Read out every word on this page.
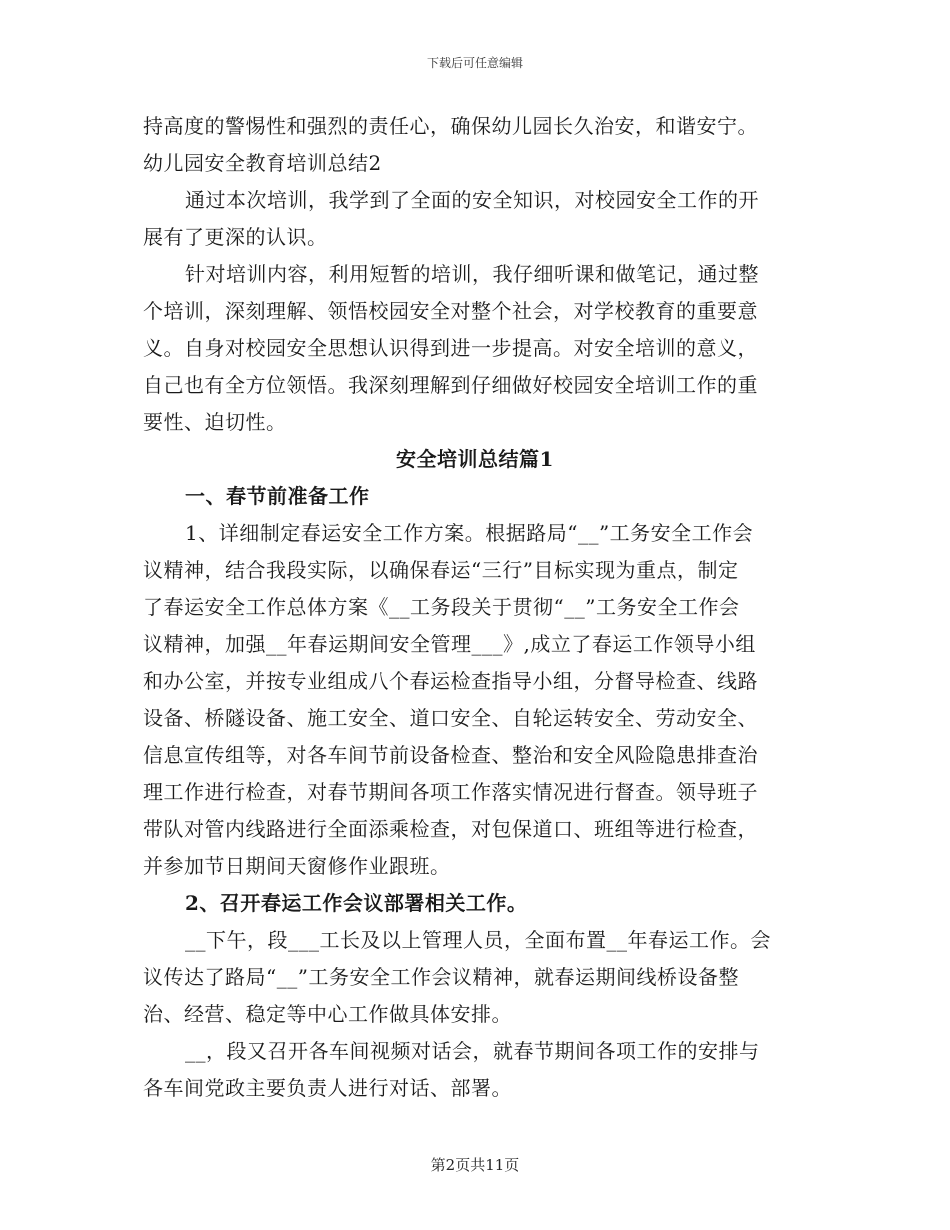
下载后可任意编辑
持高度的警惕性和强烈的责任心，确保幼儿园长久治安，和谐安宁。
幼儿园安全教育培训总结2
通过本次培训，我学到了全面的安全知识，对校园安全工作的开
展有了更深的认识。
针对培训内容，利用短暂的培训，我仔细听课和做笔记，通过整
个培训，深刻理解、领悟校园安全对整个社会，对学校教育的重要意
义。自身对校园安全思想认识得到进一步提高。对安全培训的意义，
自己也有全方位领悟。我深刻理解到仔细做好校园安全培训工作的重
要性、迫切性。
安全培训总结篇1
一、春节前准备工作
1、详细制定春运安全工作方案。根据路局“__”工务安全工作会
议精神，结合我段实际，以确保春运“三行”目标实现为重点，制定
了春运安全工作总体方案《__工务段关于贯彻“__”工务安全工作会
议精神，加强__年春运期间安全管理___》,成立了春运工作领导小组
和办公室，并按专业组成八个春运检查指导小组，分督导检查、线路
设备、桥隧设备、施工安全、道口安全、自轮运转安全、劳动安全、
信息宣传组等，对各车间节前设备检查、整治和安全风险隐患排查治
理工作进行检查，对春节期间各项工作落实情况进行督查。领导班子
带队对管内线路进行全面添乘检查，对包保道口、班组等进行检查，
并参加节日期间天窗修作业跟班。
2、召开春运工作会议部署相关工作。
__下午，段___工长及以上管理人员，全面布置__年春运工作。会
议传达了路局“__”工务安全工作会议精神，就春运期间线桥设备整
治、经营、稳定等中心工作做具体安排。
__，段又召开各车间视频对话会，就春节期间各项工作的安排与
各车间党政主要负责人进行对话、部署。
第2页共11页
